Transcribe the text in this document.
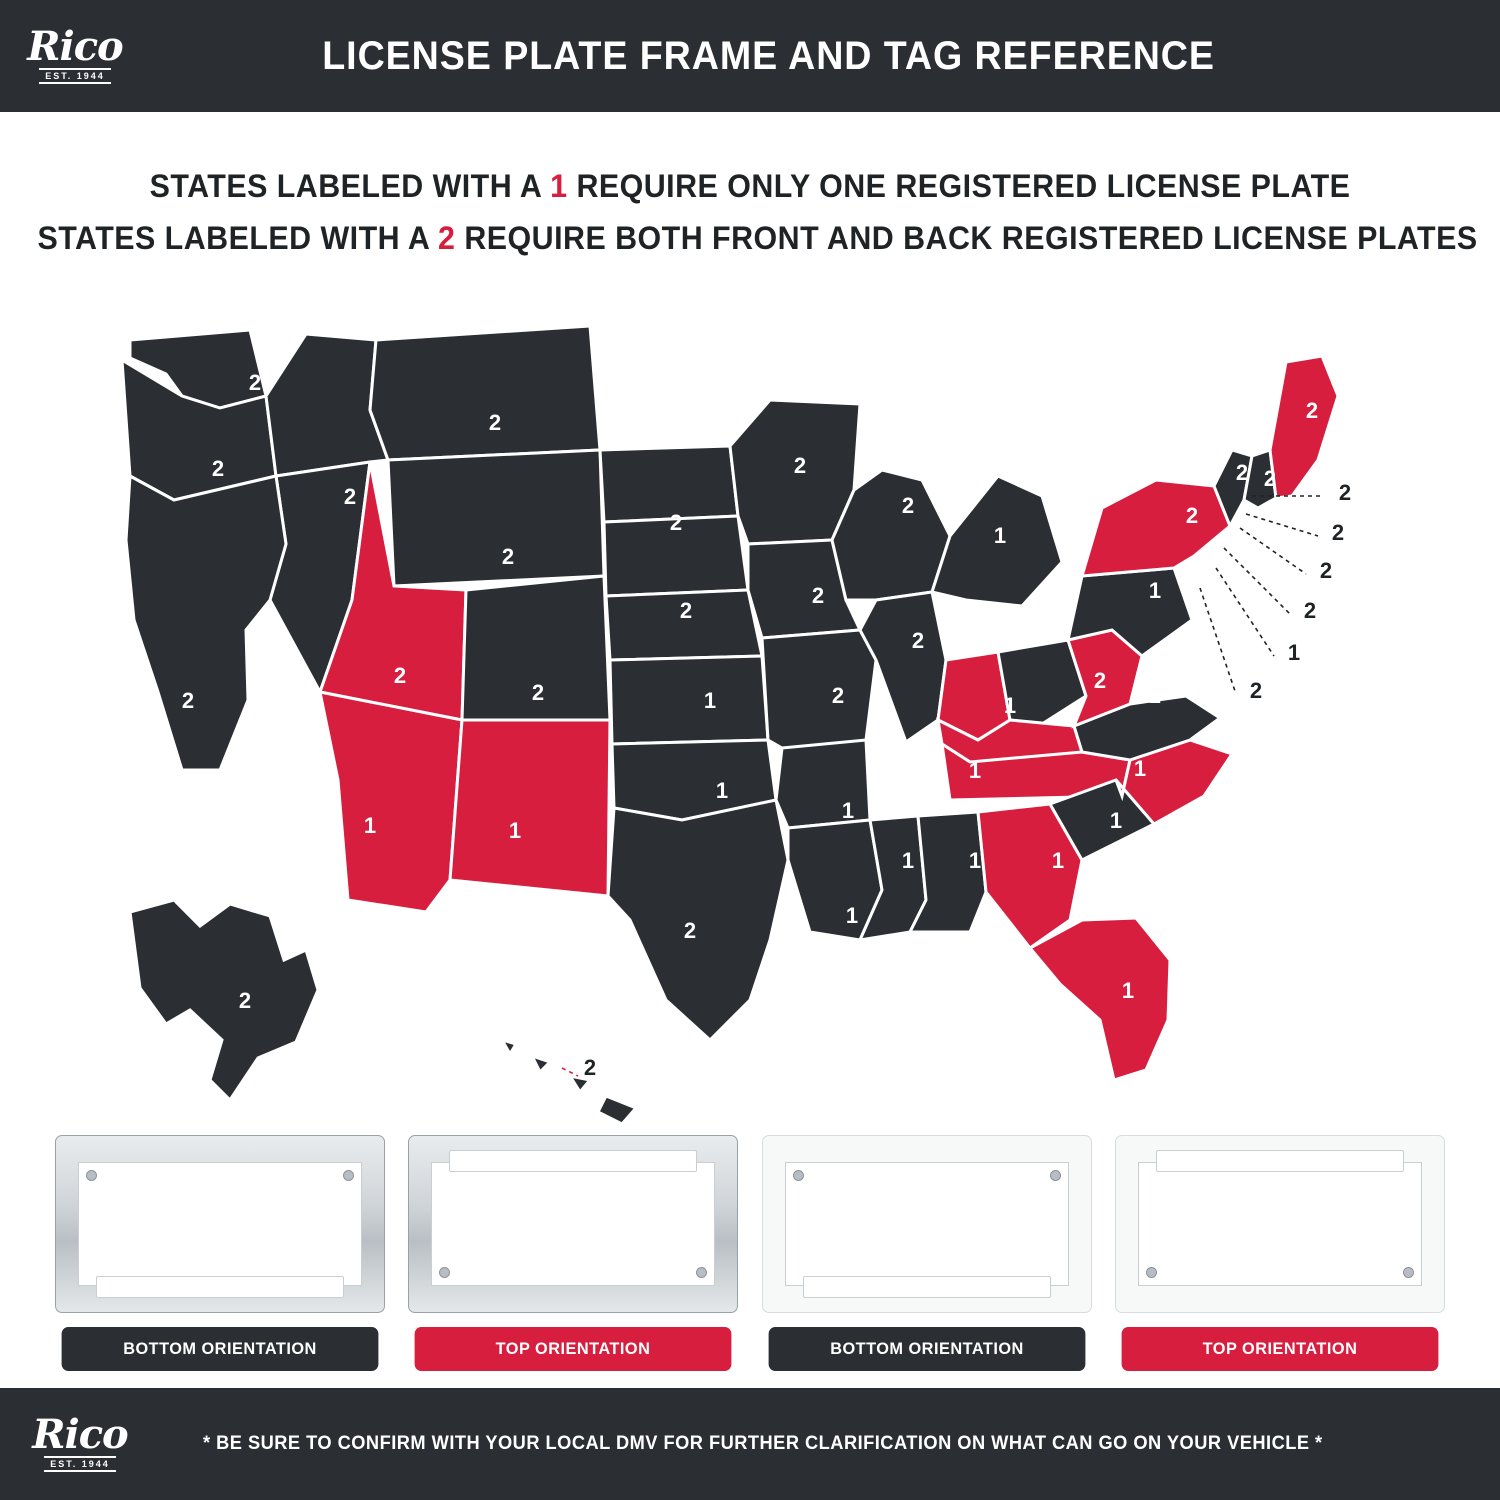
Rico
EST. 1944	LICENSE PLATE FRAME AND TAG REFERENCE
STATES LABELED WITH A 1 REQUIRE ONLY ONE REGISTERED LICENSE PLATE
STATES LABELED WITH A 2 REQUIRE BOTH FRONT AND BACK REGISTERED LICENSE PLATES
2
2
2
2
2
2
2
2
1	1
2
2
2
2
1
1
2
2
2
2
1
1
2
2
1
1	1
1
1
1 1	1
1
1
1
2
2
1
2
2 2
2
2
2
2
2
2
1
2
2
BOTTOM ORIENTATION	TOP ORIENTATION	BOTTOM ORIENTATION	TOP ORIENTATION
Rico
EST. 1944
* BE SURE TO CONFIRM WITH YOUR LOCAL DMV FOR FURTHER CLARIFICATION ON WHAT CAN GO ON YOUR VEHICLE *
